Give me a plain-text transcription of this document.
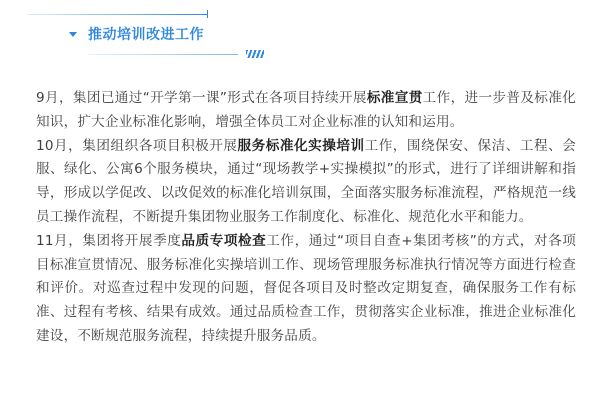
推动培训改进工作

9月，集团已通过“开学第一课”形式在各项目持续开展标准宣贯工作，进一步普及标准化知识，扩大企业标准化影响，增强全体员工对企业标准的认知和运用。

10月，集团组织各项目积极开展服务标准化实操培训工作，围绕保安、保洁、工程、会服、绿化、公寓6个服务模块，通过“现场教学+实操模拟”的形式，进行了详细讲解和指导，形成以学促改、以改促效的标准化培训氛围，全面落实服务标准流程，严格规范一线员工操作流程，不断提升集团物业服务工作制度化、标准化、规范化水平和能力。

11月，集团将开展季度品质专项检查工作，通过“项目自查+集团考核”的方式，对各项目标准宣贯情况、服务标准化实操培训工作、现场管理服务标准执行情况等方面进行检查和评价。对巡查过程中发现的问题，督促各项目及时整改定期复查，确保服务工作有标准、过程有考核、结果有成效。通过品质检查工作，贯彻落实企业标准，推进企业标准化建设，不断规范服务流程，持续提升服务品质。
